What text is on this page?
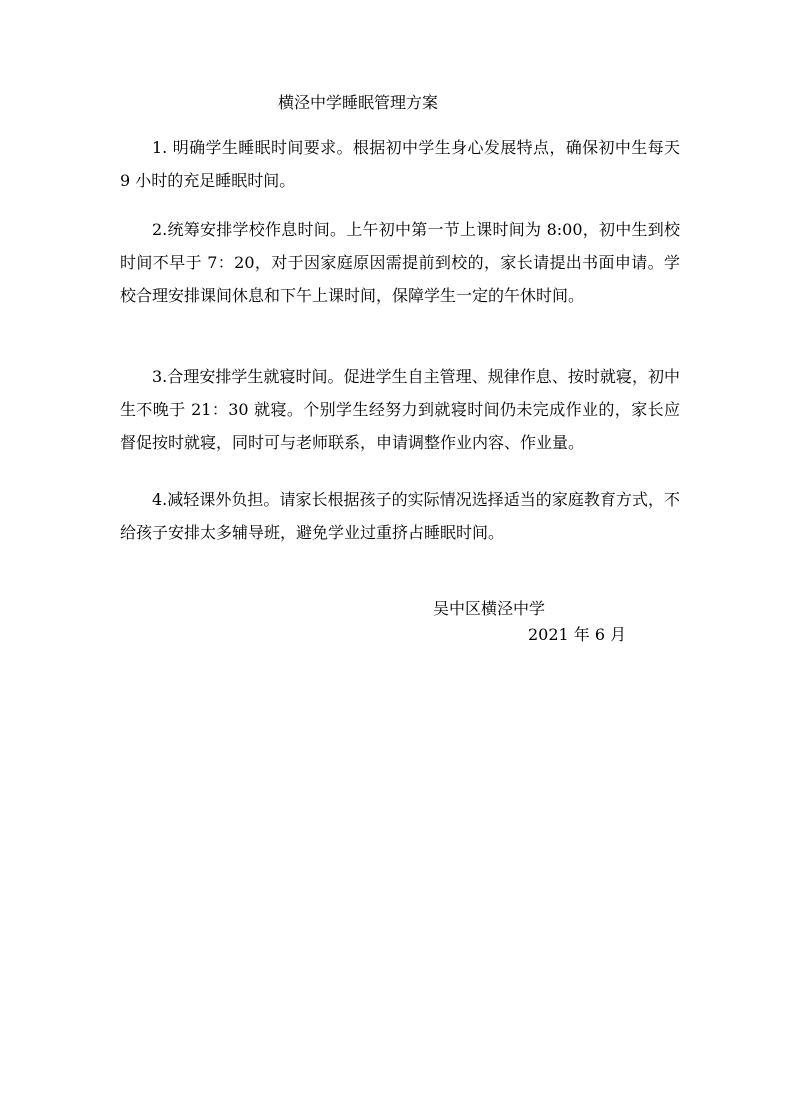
横泾中学睡眠管理方案

1. 明确学生睡眠时间要求。根据初中学生身心发展特点，确保初中生每天 9 小时的充足睡眠时间。

2.统筹安排学校作息时间。上午初中第一节上课时间为 8:00，初中生到校时间不早于 7：20，对于因家庭原因需提前到校的，家长请提出书面申请。学校合理安排课间休息和下午上课时间，保障学生一定的午休时间。

3.合理安排学生就寝时间。促进学生自主管理、规律作息、按时就寝，初中生不晚于 21：30 就寝。个别学生经努力到就寝时间仍未完成作业的，家长应督促按时就寝，同时可与老师联系，申请调整作业内容、作业量。

4.减轻课外负担。请家长根据孩子的实际情况选择适当的家庭教育方式，不给孩子安排太多辅导班，避免学业过重挤占睡眠时间。

吴中区横泾中学
2021 年 6 月
